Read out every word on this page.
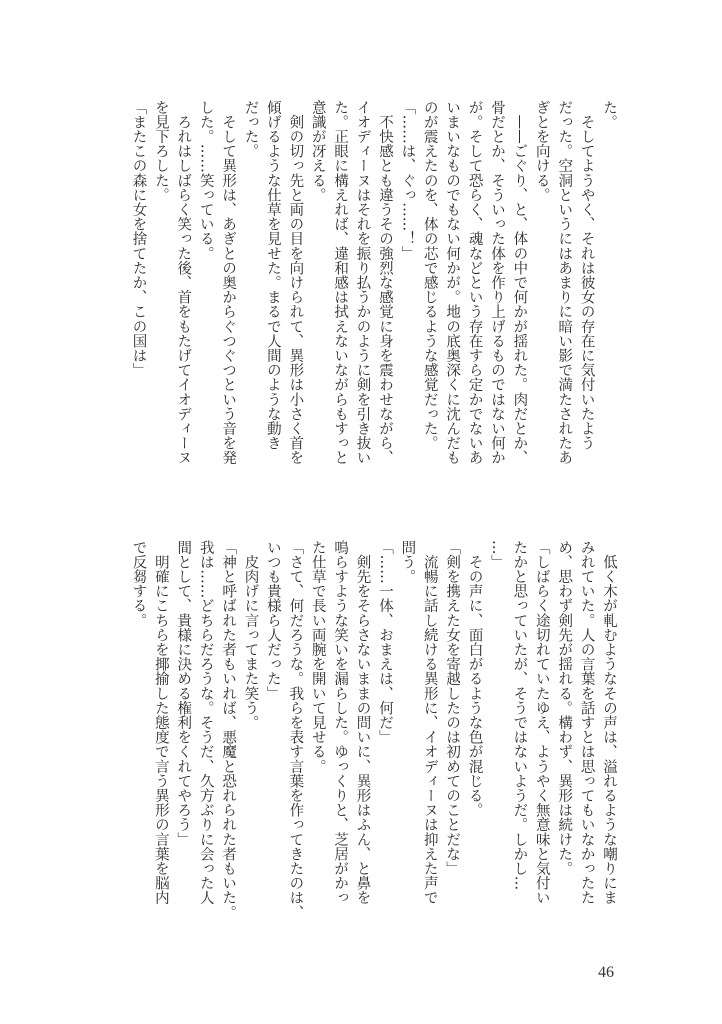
た。
　そしてようやく、それは彼女の存在に気付いたよう
だった。空洞というにはあまりに暗い影で満たされたあ
ぎとを向ける。
　——ごぐり、と、体の中で何かが揺れた。肉だとか、
骨だとか、そういった体を作り上げるものではない何か
が。そして恐らく、魂などという存在すら定かでないあ
いまいなものでもない何かが。地の底奥深くに沈んだも
のが震えたのを、体の芯で感じるような感覚だった。
「……は、ぐっ……！」
　不快感とも違うその強烈な感覚に身を震わせながら、
イオディーヌはそれを振り払うかのように剣を引き抜い
た。正眼に構えれば、違和感は拭えないながらもすっと
意識が冴える。
　剣の切っ先と両の目を向けられて、異形は小さく首を
傾げるような仕草を見せた。まるで人間のような動き
だった。
　そして異形は、あぎとの奥からぐつぐつという音を発
した。……笑っている。
　ろれはしばらく笑った後、首をもたげてイオディーヌ
を見下ろした。
「またこの森に女を捨てたか、この国は」
　低く木が軋むようなその声は、溢れるような嘲りにま
みれていた。人の言葉を話すとは思ってもいなかったた
め、思わず剣先が揺れる。構わず、異形は続けた。
「しばらく途切れていたゆえ、ようやく無意味と気付い
たかと思っていたが、そうではないようだ。しかし…
…」
　その声に、面白がるような色が混じる。
「剣を携えた女を寄越したのは初めてのことだな」
　流暢に話し続ける異形に、イオディーヌは抑えた声で
問う。
「……一体、おまえは、何だ」
　剣先をそらさないままの問いに、異形はふん、と鼻を
鳴らすような笑いを漏らした。ゆっくりと、芝居がかっ
た仕草で長い両腕を開いて見せる。
「さて、何だろうな。我らを表す言葉を作ってきたのは、
いつも貴様ら人だった」
　皮肉げに言ってまた笑う。
「神と呼ばれた者もいれば、悪魔と恐れられた者もいた。
我は……どちらだろうな。そうだ、久方ぶりに会った人
間として、貴様に決める権利をくれてやろう」
　明確にこちらを揶揄した態度で言う異形の言葉を脳内
で反芻する。
46
